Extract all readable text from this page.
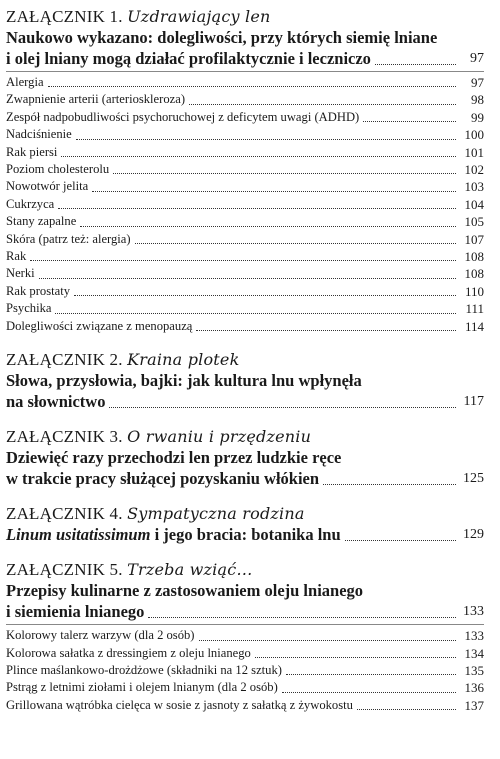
ZAŁĄCZNIK 1. Uzdrawiający len
Naukowo wykazano: dolegliwości, przy których siemię lniane
i olej lniany mogą działać profilaktycznie i leczniczo	97
Alergia	97
Zwapnienie arterii (arterioskleroza)	98
Zespół nadpobudliwości psychoruchowej z deficytem uwagi (ADHD)	99
Nadciśnienie	100
Rak piersi	101
Poziom cholesterolu	102
Nowotwór jelita	103
Cukrzyca	104
Stany zapalne	105
Skóra (patrz też: alergia)	107
Rak	108
Nerki	108
Rak prostaty	110
Psychika	111
Dolegliwości związane z menopauzą	114
ZAŁĄCZNIK 2. Kraina plotek
Słowa, przysłowia, bajki: jak kultura lnu wpłynęła
na słownictwo	117
ZAŁĄCZNIK 3. O rwaniu i przędzeniu
Dziewięć razy przechodzi len przez ludzkie ręce
w trakcie pracy służącej pozyskaniu włókien	125
ZAŁĄCZNIK 4. Sympatyczna rodzina
Linum usitatissimum i jego bracia: botanika lnu	129
ZAŁĄCZNIK 5. Trzeba wziąć…
Przepisy kulinarne z zastosowaniem oleju lnianego
i siemienia lnianego	133
Kolorowy talerz warzyw (dla 2 osób)	133
Kolorowa sałatka z dressingiem z oleju lnianego	134
Plince maślankowo-drożdżowe (składniki na 12 sztuk)	135
Pstrąg z letnimi ziołami i olejem lnianym (dla 2 osób)	136
Grillowana wątróbka cielęca w sosie z jasnoty z sałatką z żywokostu	137
